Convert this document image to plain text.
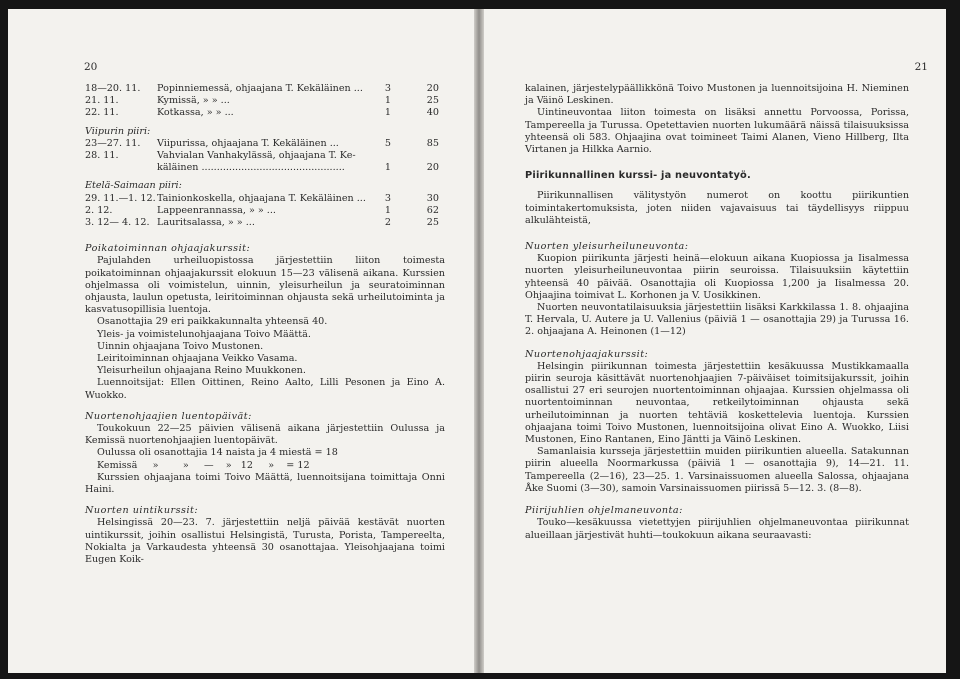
20
18—20. 11.	Popinniemessä, ohjaajana T. Kekäläinen ...	3	20
21. 11.	Kymissä, » » ...	1	25
22. 11.	Kotkassa, » » ...	1	40
Viipurin piiri:
23—27. 11.	Viipurissa, ohjaajana T. Kekäläinen ...	5	85
28. 11.	Vahvialan Vanhakylässä, ohjaajana T. Ke-
käläinen ...............................................	1	20
Etelä-Saimaan piiri:
29. 11.—1. 12. Tainionkoskella, ohjaajana T. Kekäläinen ...	3	30
2. 12.	Lappeenrannassa, » » ...	1	62
3. 12— 4. 12. Lauritsalassa, » » ...	2	25
Poikatoiminnan ohjaajakurssit:

Pajulahden urheiluopistossa järjestettiin liiton toimesta poikatoiminnan ohjaajakurssit elokuun 15—23 välisenä aikana. Kurssien ohjelmassa oli voimistelun, uinnin, yleisurheilun ja seuratoiminnan ohjausta, laulun opetusta, leiritoiminnan ohjausta sekä urheilutoiminta ja kasvatusopillisia luentoja.

Osanottajia 29 eri paikkakunnalta yhteensä 40.

Yleis- ja voimistelunohjaajana Toivo Määttä.

Uinnin ohjaajana Toivo Mustonen.

Leiritoiminnan ohjaajana Veikko Vasama.

Yleisurheilun ohjaajana Reino Muukkonen.

Luennoitsijat: Ellen Oittinen, Reino Aalto, Lilli Pesonen ja Eino A. Wuokko.

Nuortenohjaajien luentopäivät:

Toukokuun 22—25 päivien välisenä aikana järjestettiin Oulussa ja Kemissä nuortenohjaajien luentopäivät.

Oulussa oli osanottajia 14 naista ja 4 miestä = 18

Kemissä     »        »     —    »   12     »    = 12

Kurssien ohjaajana toimi Toivo Määttä, luennoitsijana toimittaja Onni Haini.

Nuorten uintikurssit:

Helsingissä 20—23. 7. järjestettiin neljä päivää kestävät nuorten uintikurssit, joihin osallistui Helsingistä, Turusta, Porista, Tampereelta, Nokialta ja Varkaudesta yhteensä 30 osanottajaa. Yleisohjaajana toimi Eugen Koik-

21

kalainen, järjestelypäällikkönä Toivo Mustonen ja luennoitsijoina H. Nieminen ja Väinö Leskinen.

Uintineuvontaa liiton toimesta on lisäksi annettu Porvoossa, Porissa, Tampereella ja Turussa. Opetettavien nuorten lukumäärä näissä tilaisuuksissa yhteensä oli 583. Ohjaajina ovat toimineet Taimi Alanen, Vieno Hillberg, Ilta Virtanen ja Hilkka Aarnio.

Piirikunnallinen kurssi- ja neuvontatyö.

Piirikunnallisen välitystyön numerot on koottu piirikuntien toimintakertomuksista, joten niiden vajavaisuus tai täydellisyys riippuu alkulähteistä,

Nuorten yleisurheiluneuvonta:

Kuopion piirikunta järjesti heinä—elokuun aikana Kuopiossa ja Iisalmessa nuorten yleisurheiluneuvontaa piirin seuroissa. Tilaisuuksiin käytettiin yhteensä 40 päivää. Osanottajia oli Kuopiossa 1,200 ja Iisalmessa 20. Ohjaajina toimivat L. Korhonen ja V. Uosikkinen.

Nuorten neuvontatilaisuuksia järjestettiin lisäksi Karkkilassa 1. 8. ohjaajina T. Hervala, U. Autere ja U. Vallenius (päiviä 1 — osanottajia 29) ja Turussa 16. 2. ohjaajana A. Heinonen (1—12)

Nuortenohjaajakurssit:

Helsingin piirikunnan toimesta järjestettiin kesäkuussa Mustikkamaalla piirin seuroja käsittävät nuortenohjaajien 7-päiväiset toimitsijakurssit, joihin osallistui 27 eri seurojen nuortentoiminnan ohjaajaa. Kurssien ohjelmassa oli nuortentoiminnan neuvontaa, retkeilytoiminnan ohjausta sekä urheilutoiminnan ja nuorten tehtäviä koskettelevia luentoja. Kurssien ohjaajana toimi Toivo Mustonen, luennoitsijoina olivat Eino A. Wuokko, Liisi Mustonen, Eino Rantanen, Eino Jäntti ja Väinö Leskinen.

Samanlaisia kursseja järjestettiin muiden piirikuntien alueella. Satakunnan piirin alueella Noormarkussa (päiviä 1 — osanottajia 9), 14—21. 11. Tampereella (2—16), 23—25. 1. Varsinaissuomen alueella Salossa, ohjaajana Åke Suomi (3—30), samoin Varsinaissuomen piirissä 5—12. 3. (8—8).

Piirijuhlien ohjelmaneuvonta:

Touko—kesäkuussa vietettyjen piirijuhlien ohjelmaneuvontaa piirikunnat alueillaan järjestivät huhti—toukokuun aikana seuraavasti:
